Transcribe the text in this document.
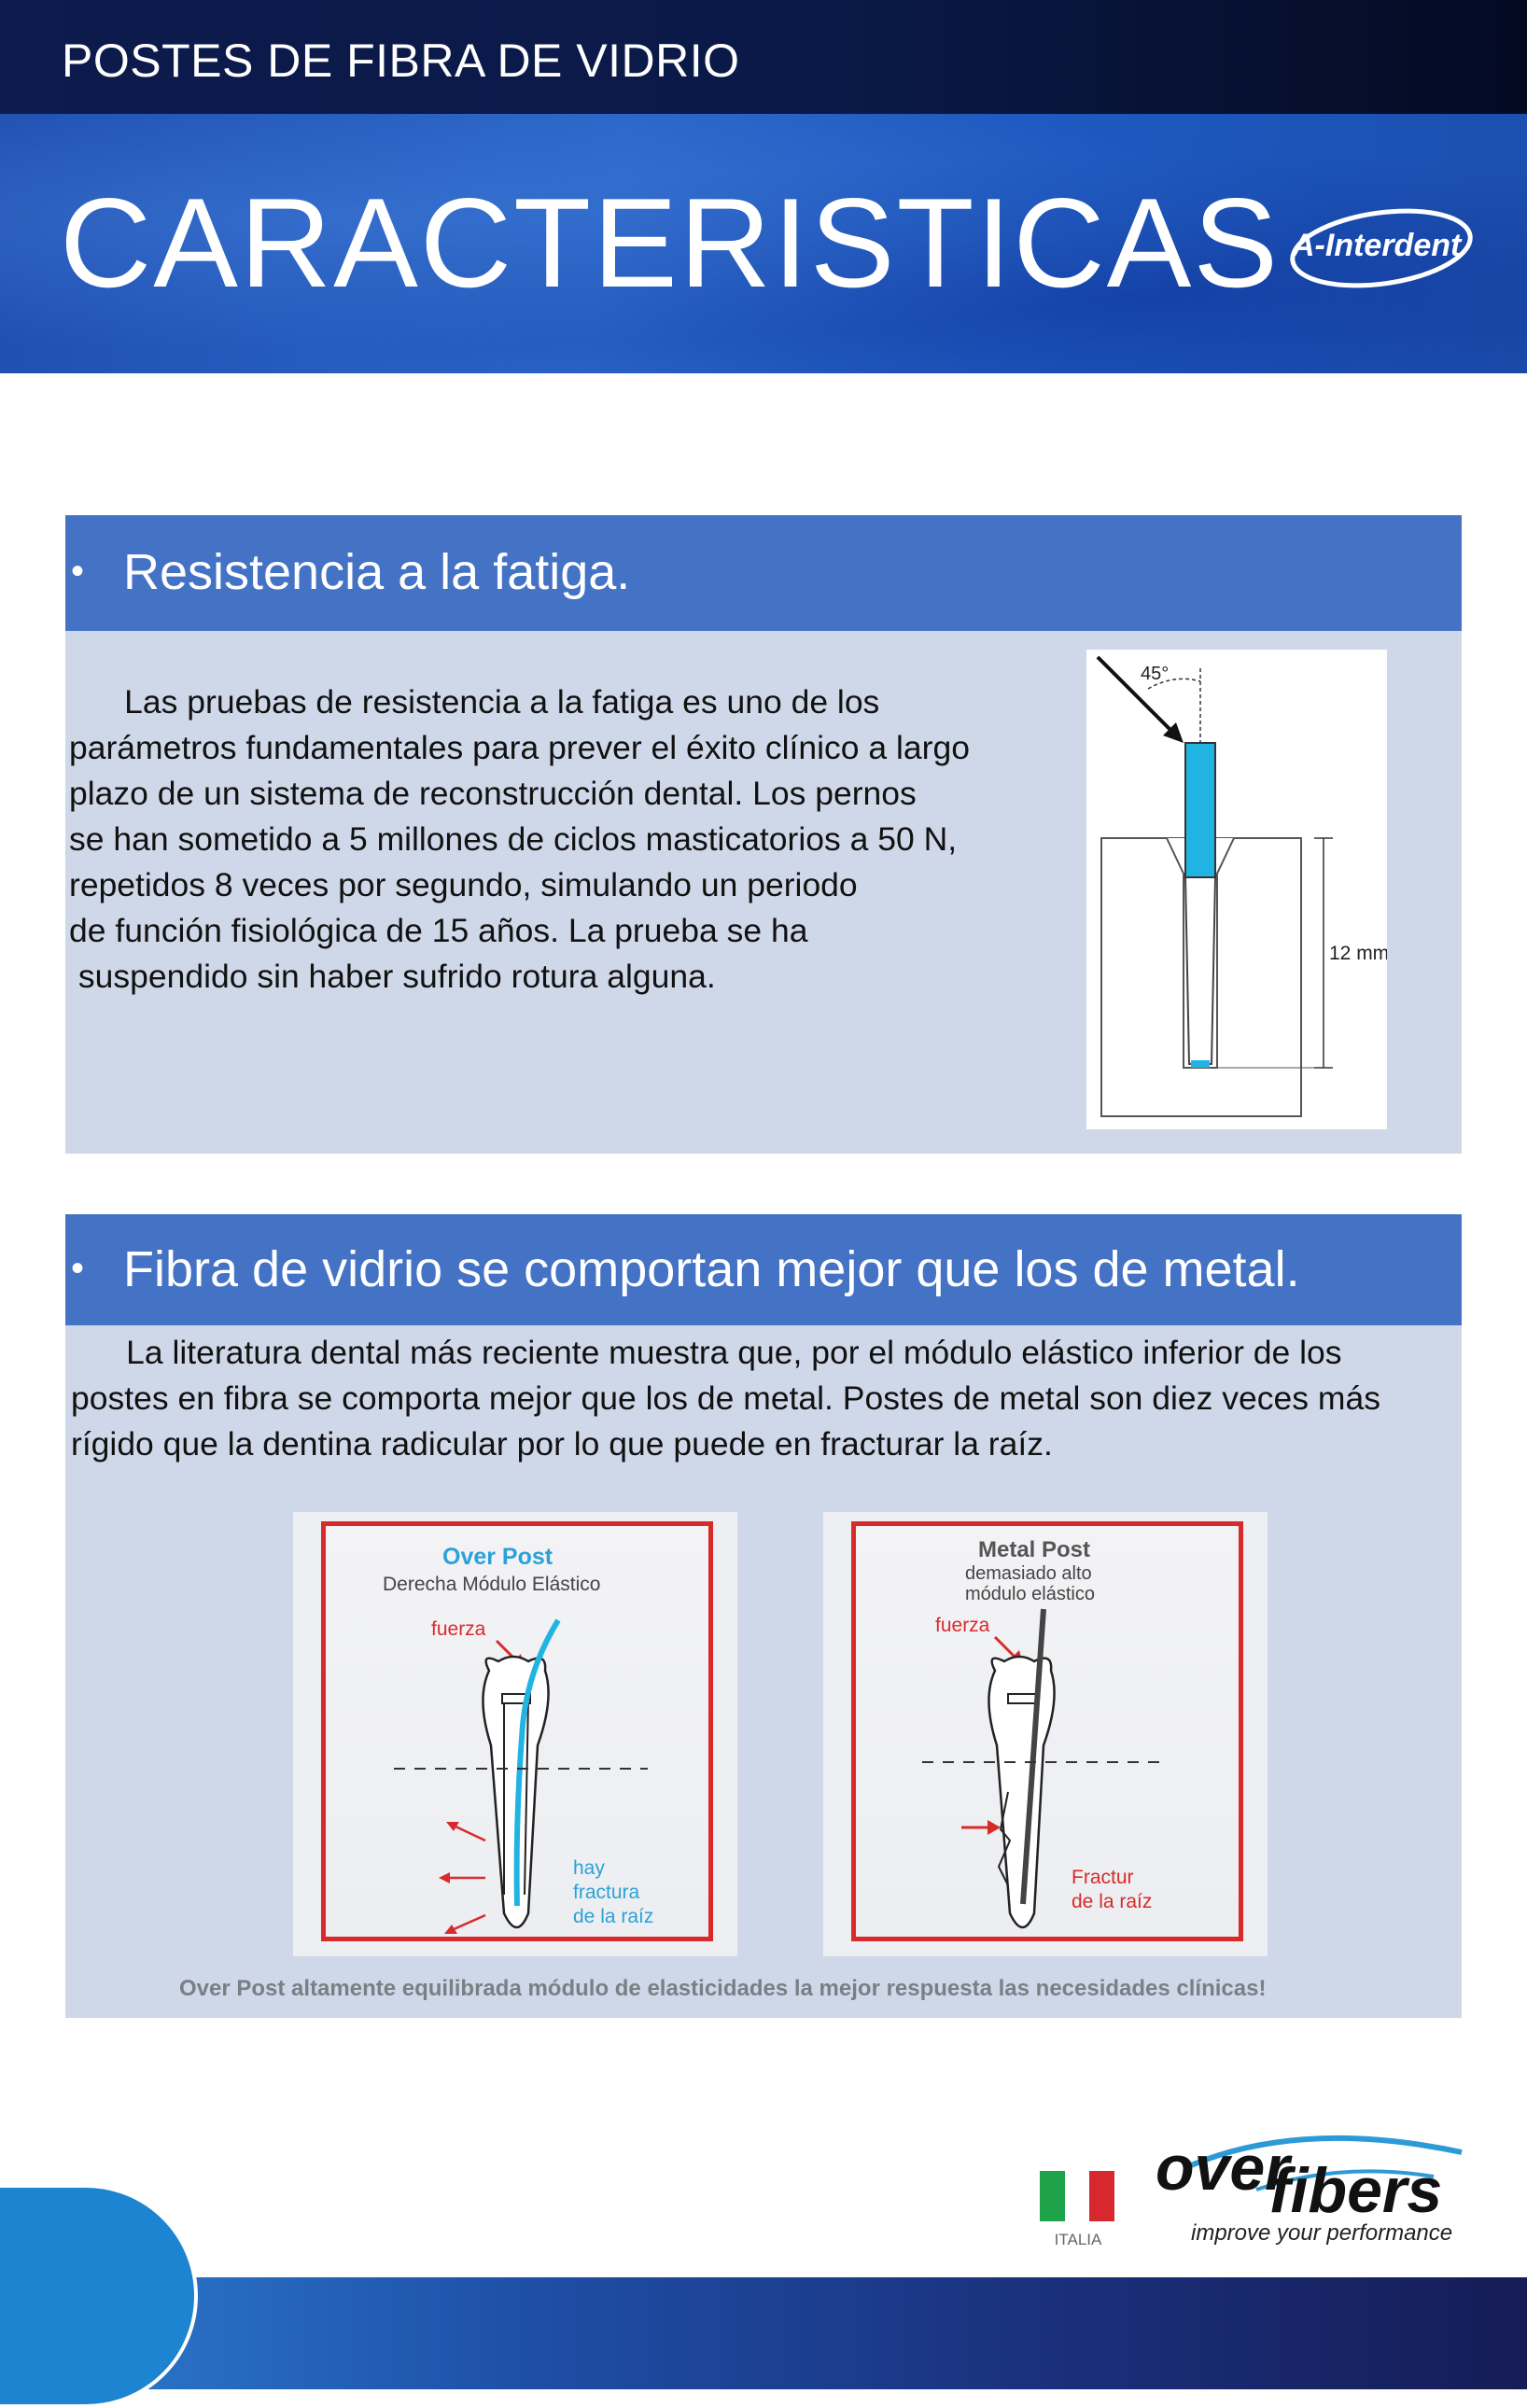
POSTES DE FIBRA DE VIDRIO
CARACTERISTICAS A-Interdent
• Resistencia a la fatiga.

Las pruebas de resistencia a la fatiga es uno de los

parámetros fundamentales para prever el éxito clínico a largo

plazo de un sistema de reconstrucción dental. Los pernos

se han sometido a 5 millones de ciclos masticatorios a 50 N,

repetidos 8 veces por segundo, simulando un periodo

de función fisiológica de 15 años. La prueba se ha

suspendido sin haber sufrido rotura alguna.

45°
12 mm
• Fibra de vidrio se comportan mejor que los de metal.

La literatura dental más reciente muestra que, por el módulo elástico inferior de los

postes en fibra se comporta mejor que los de metal. Postes de metal son diez veces más

rígido que la dentina radicular por lo que puede en fracturar la raíz.

Over Post
Derecha Módulo Elástico
fuerza
hay
fractura
de la raíz
Metal Post
demasiado alto
módulo elástico
fuerza
Fractur
de la raíz
Over Post altamente equilibrada módulo de elasticidades la mejor respuesta las necesidades clínicas!
ITALIA
over
fibers
improve your performance
